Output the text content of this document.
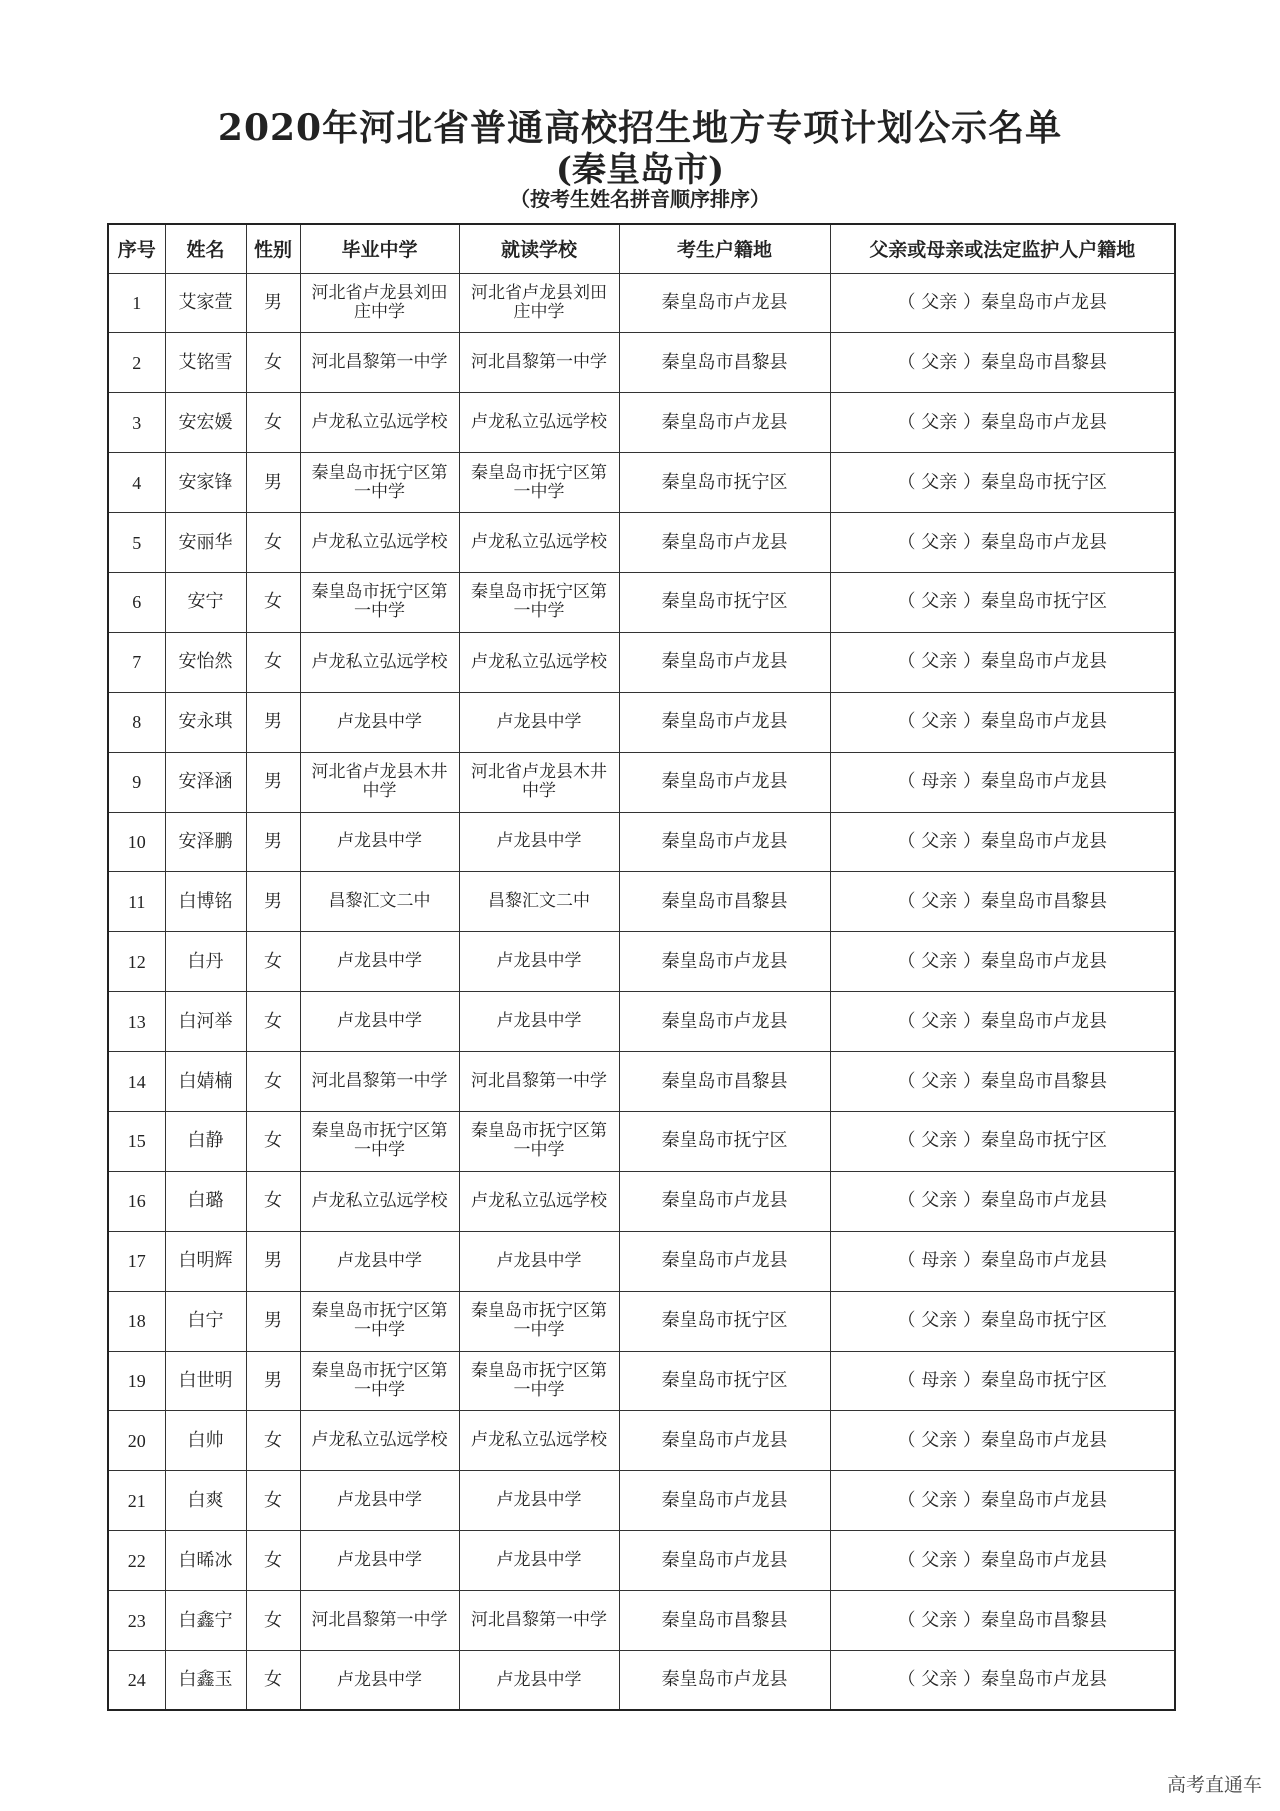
2020年河北省普通高校招生地方专项计划公示名单
(秦皇岛市)
（按考生姓名拼音顺序排序）
序号	姓名	性别	毕业中学	就读学校	考生户籍地	父亲或母亲或法定监护人户籍地
1	艾家萱	男	河北省卢龙县刘田庄中学	河北省卢龙县刘田庄中学	秦皇岛市卢龙县	（ 父亲 ）秦皇岛市卢龙县
2	艾铭雪	女	河北昌黎第一中学	河北昌黎第一中学	秦皇岛市昌黎县	（ 父亲 ）秦皇岛市昌黎县
3	安宏媛	女	卢龙私立弘远学校	卢龙私立弘远学校	秦皇岛市卢龙县	（ 父亲 ）秦皇岛市卢龙县
4	安家锋	男	秦皇岛市抚宁区第一中学	秦皇岛市抚宁区第一中学	秦皇岛市抚宁区	（ 父亲 ）秦皇岛市抚宁区
5	安丽华	女	卢龙私立弘远学校	卢龙私立弘远学校	秦皇岛市卢龙县	（ 父亲 ）秦皇岛市卢龙县
6	安宁	女	秦皇岛市抚宁区第一中学	秦皇岛市抚宁区第一中学	秦皇岛市抚宁区	（ 父亲 ）秦皇岛市抚宁区
7	安怡然	女	卢龙私立弘远学校	卢龙私立弘远学校	秦皇岛市卢龙县	（ 父亲 ）秦皇岛市卢龙县
8	安永琪	男	卢龙县中学	卢龙县中学	秦皇岛市卢龙县	（ 父亲 ）秦皇岛市卢龙县
9	安泽涵	男	河北省卢龙县木井中学	河北省卢龙县木井中学	秦皇岛市卢龙县	（ 母亲 ）秦皇岛市卢龙县
10	安泽鹏	男	卢龙县中学	卢龙县中学	秦皇岛市卢龙县	（ 父亲 ）秦皇岛市卢龙县
11	白博铭	男	昌黎汇文二中	昌黎汇文二中	秦皇岛市昌黎县	（ 父亲 ）秦皇岛市昌黎县
12	白丹	女	卢龙县中学	卢龙县中学	秦皇岛市卢龙县	（ 父亲 ）秦皇岛市卢龙县
13	白河举	女	卢龙县中学	卢龙县中学	秦皇岛市卢龙县	（ 父亲 ）秦皇岛市卢龙县
14	白婧楠	女	河北昌黎第一中学	河北昌黎第一中学	秦皇岛市昌黎县	（ 父亲 ）秦皇岛市昌黎县
15	白静	女	秦皇岛市抚宁区第一中学	秦皇岛市抚宁区第一中学	秦皇岛市抚宁区	（ 父亲 ）秦皇岛市抚宁区
16	白璐	女	卢龙私立弘远学校	卢龙私立弘远学校	秦皇岛市卢龙县	（ 父亲 ）秦皇岛市卢龙县
17	白明辉	男	卢龙县中学	卢龙县中学	秦皇岛市卢龙县	（ 母亲 ）秦皇岛市卢龙县
18	白宁	男	秦皇岛市抚宁区第一中学	秦皇岛市抚宁区第一中学	秦皇岛市抚宁区	（ 父亲 ）秦皇岛市抚宁区
19	白世明	男	秦皇岛市抚宁区第一中学	秦皇岛市抚宁区第一中学	秦皇岛市抚宁区	（ 母亲 ）秦皇岛市抚宁区
20	白帅	女	卢龙私立弘远学校	卢龙私立弘远学校	秦皇岛市卢龙县	（ 父亲 ）秦皇岛市卢龙县
21	白爽	女	卢龙县中学	卢龙县中学	秦皇岛市卢龙县	（ 父亲 ）秦皇岛市卢龙县
22	白晞冰	女	卢龙县中学	卢龙县中学	秦皇岛市卢龙县	（ 父亲 ）秦皇岛市卢龙县
23	白鑫宁	女	河北昌黎第一中学	河北昌黎第一中学	秦皇岛市昌黎县	（ 父亲 ）秦皇岛市昌黎县
24	白鑫玉	女	卢龙县中学	卢龙县中学	秦皇岛市卢龙县	（ 父亲 ）秦皇岛市卢龙县
高考直通车
